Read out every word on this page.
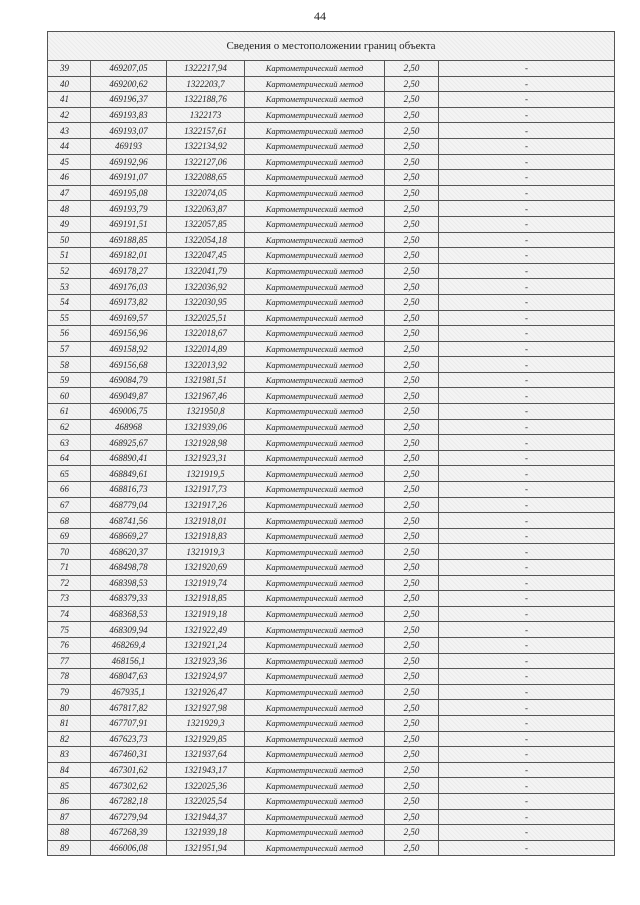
44
Сведения о местоположении границ объекта					
39	469207,05	1322217,94	Картометрический метод	2,50	-
40	469200,62	1322203,7	Картометрический метод	2,50	-
41	469196,37	1322188,76	Картометрический метод	2,50	-
42	469193,83	1322173	Картометрический метод	2,50	-
43	469193,07	1322157,61	Картометрический метод	2,50	-
44	469193	1322134,92	Картометрический метод	2,50	-
45	469192,96	1322127,06	Картометрический метод	2,50	-
46	469191,07	1322088,65	Картометрический метод	2,50	-
47	469195,08	1322074,05	Картометрический метод	2,50	-
48	469193,79	1322063,87	Картометрический метод	2,50	-
49	469191,51	1322057,85	Картометрический метод	2,50	-
50	469188,85	1322054,18	Картометрический метод	2,50	-
51	469182,01	1322047,45	Картометрический метод	2,50	-
52	469178,27	1322041,79	Картометрический метод	2,50	-
53	469176,03	1322036,92	Картометрический метод	2,50	-
54	469173,82	1322030,95	Картометрический метод	2,50	-
55	469169,57	1322025,51	Картометрический метод	2,50	-
56	469156,96	1322018,67	Картометрический метод	2,50	-
57	469158,92	1322014,89	Картометрический метод	2,50	-
58	469156,68	1322013,92	Картометрический метод	2,50	-
59	469084,79	1321981,51	Картометрический метод	2,50	-
60	469049,87	1321967,46	Картометрический метод	2,50	-
61	469006,75	1321950,8	Картометрический метод	2,50	-
62	468968	1321939,06	Картометрический метод	2,50	-
63	468925,67	1321928,98	Картометрический метод	2,50	-
64	468890,41	1321923,31	Картометрический метод	2,50	-
65	468849,61	1321919,5	Картометрический метод	2,50	-
66	468816,73	1321917,73	Картометрический метод	2,50	-
67	468779,04	1321917,26	Картометрический метод	2,50	-
68	468741,56	1321918,01	Картометрический метод	2,50	-
69	468669,27	1321918,83	Картометрический метод	2,50	-
70	468620,37	1321919,3	Картометрический метод	2,50	-
71	468498,78	1321920,69	Картометрический метод	2,50	-
72	468398,53	1321919,74	Картометрический метод	2,50	-
73	468379,33	1321918,85	Картометрический метод	2,50	-
74	468368,53	1321919,18	Картометрический метод	2,50	-
75	468309,94	1321922,49	Картометрический метод	2,50	-
76	468269,4	1321921,24	Картометрический метод	2,50	-
77	468156,1	1321923,36	Картометрический метод	2,50	-
78	468047,63	1321924,97	Картометрический метод	2,50	-
79	467935,1	1321926,47	Картометрический метод	2,50	-
80	467817,82	1321927,98	Картометрический метод	2,50	-
81	467707,91	1321929,3	Картометрический метод	2,50	-
82	467623,73	1321929,85	Картометрический метод	2,50	-
83	467460,31	1321937,64	Картометрический метод	2,50	-
84	467301,62	1321943,17	Картометрический метод	2,50	-
85	467302,62	1322025,36	Картометрический метод	2,50	-
86	467282,18	1322025,54	Картометрический метод	2,50	-
87	467279,94	1321944,37	Картометрический метод	2,50	-
88	467268,39	1321939,18	Картометрический метод	2,50	-
89	466006,08	1321951,94	Картометрический метод	2,50	-
